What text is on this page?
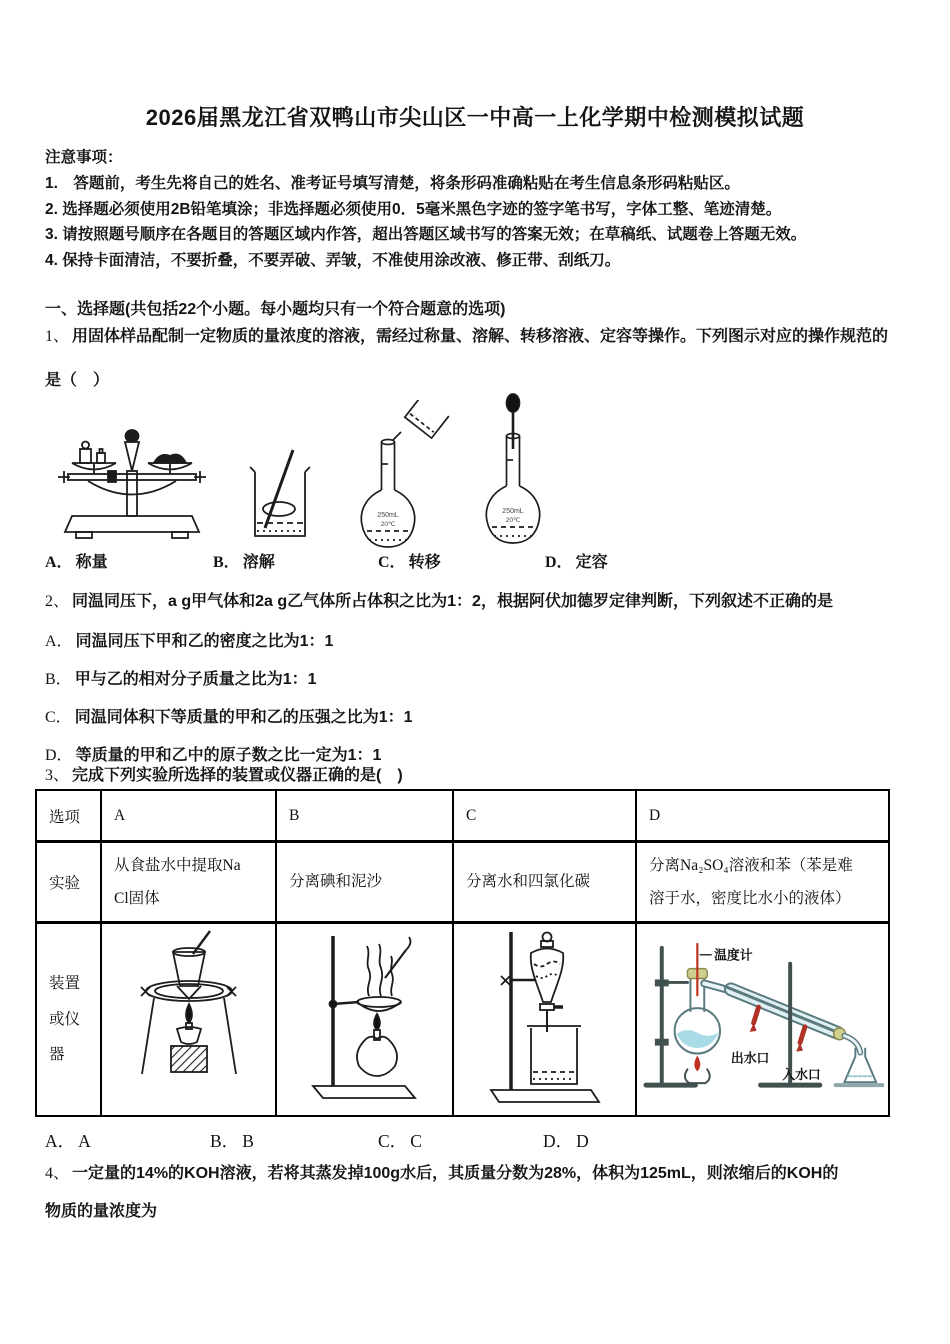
2026届黑龙江省双鸭山市尖山区一中高一上化学期中检测模拟试题
注意事项：
1.　答题前，考生先将自己的姓名、准考证号填写清楚，将条形码准确粘贴在考生信息条形码粘贴区。
2. 选择题必须使用2B铅笔填涂；非选择题必须使用0．5毫米黑色字迹的签字笔书写，字体工整、笔迹清楚。
3. 请按照题号顺序在各题目的答题区域内作答，超出答题区域书写的答案无效；在草稿纸、试题卷上答题无效。
4. 保持卡面清洁，不要折叠，不要弄破、弄皱，不准使用涂改液、修正带、刮纸刀。
一、选择题(共包括22个小题。每小题均只有一个符合题意的选项)
1、 用固体样品配制一定物质的量浓度的溶液，需经过称量、溶解、转移溶液、定容等操作。下列图示对应的操作规范的
是（　）
250mL
20℃
250mL
20℃
A． 称量	B． 溶解	C． 转移	D． 定容
2、 同温同压下，a g甲气体和2a g乙气体所占体积之比为1：2，根据阿伏加德罗定律判断，下列叙述不正确的是
A． 同温同压下甲和乙的密度之比为1：1
B． 甲与乙的相对分子质量之比为1：1
C． 同温同体积下等质量的甲和乙的压强之比为1：1
D． 等质量的甲和乙中的原子数之比一定为1：1
3、 完成下列实验所选择的装置或仪器正确的是(　)
选项	A	B	C	D
实验	从食盐水中提取NaCl固体	分离碘和泥沙	分离水和四氯化碳	分离Na₂SO₄溶液和苯（苯是难溶于水，密度比水小的液体）

装置或仪器				温度计
出水口
入水口
A． A	B． B	C． C	D． D
4、 一定量的14%的KOH溶液，若将其蒸发掉100g水后，其质量分数为28%，体积为125mL，则浓缩后的KOH的
物质的量浓度为
